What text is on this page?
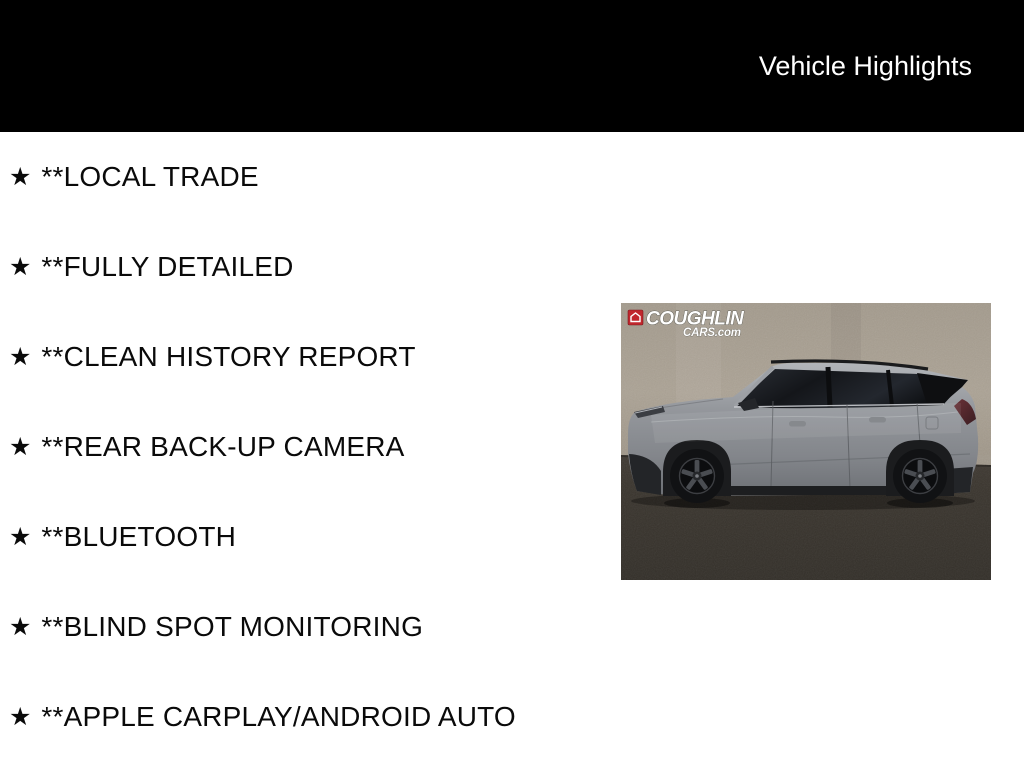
Vehicle Highlights
★ **LOCAL TRADE
★ **FULLY DETAILED
★ **CLEAN HISTORY REPORT
★ **REAR BACK-UP CAMERA
★ **BLUETOOTH
★ **BLIND SPOT MONITORING
★ **APPLE CARPLAY/ANDROID AUTO
COUGHLIN
CARS.com
